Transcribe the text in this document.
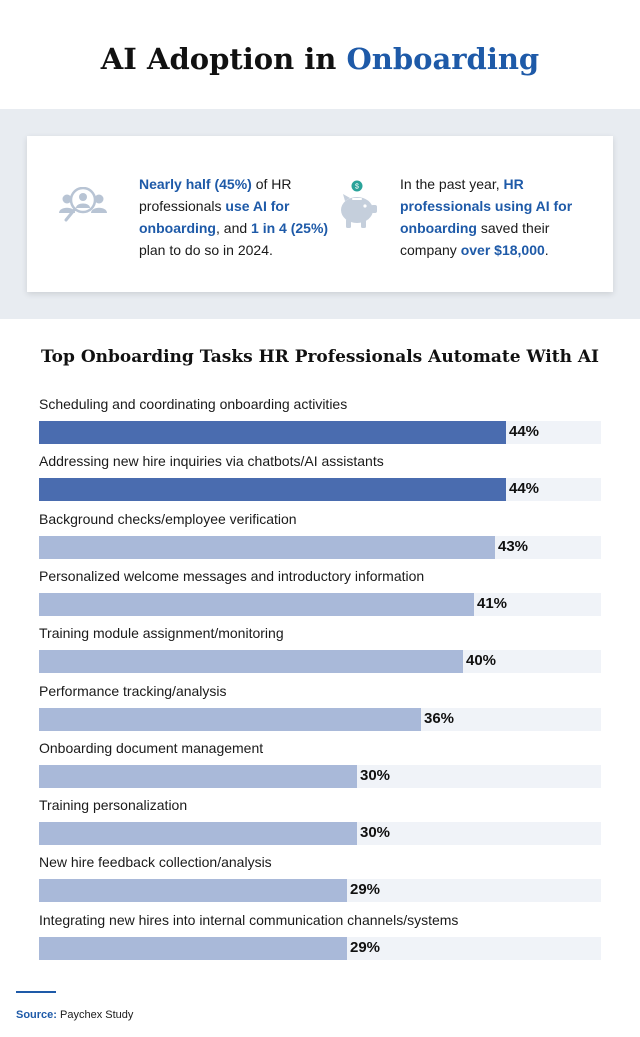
AI Adoption in Onboarding
Nearly half (45%) of HR professionals use AI for onboarding, and 1 in 4 (25%) plan to do so in 2024.
$	In the past year, HR professionals using AI for onboarding saved their company over $18,000.
Top Onboarding Tasks HR Professionals Automate With AI
Scheduling and coordinating onboarding activities
44%
Addressing new hire inquiries via chatbots/AI assistants
44%
Background checks/employee verification
43%
Personalized welcome messages and introductory information
41%
Training module assignment/monitoring
40%
Performance tracking/analysis
36%
Onboarding document management
30%
Training personalization
30%
New hire feedback collection/analysis
29%
Integrating new hires into internal communication channels/systems
29%
Source: Paychex Study
